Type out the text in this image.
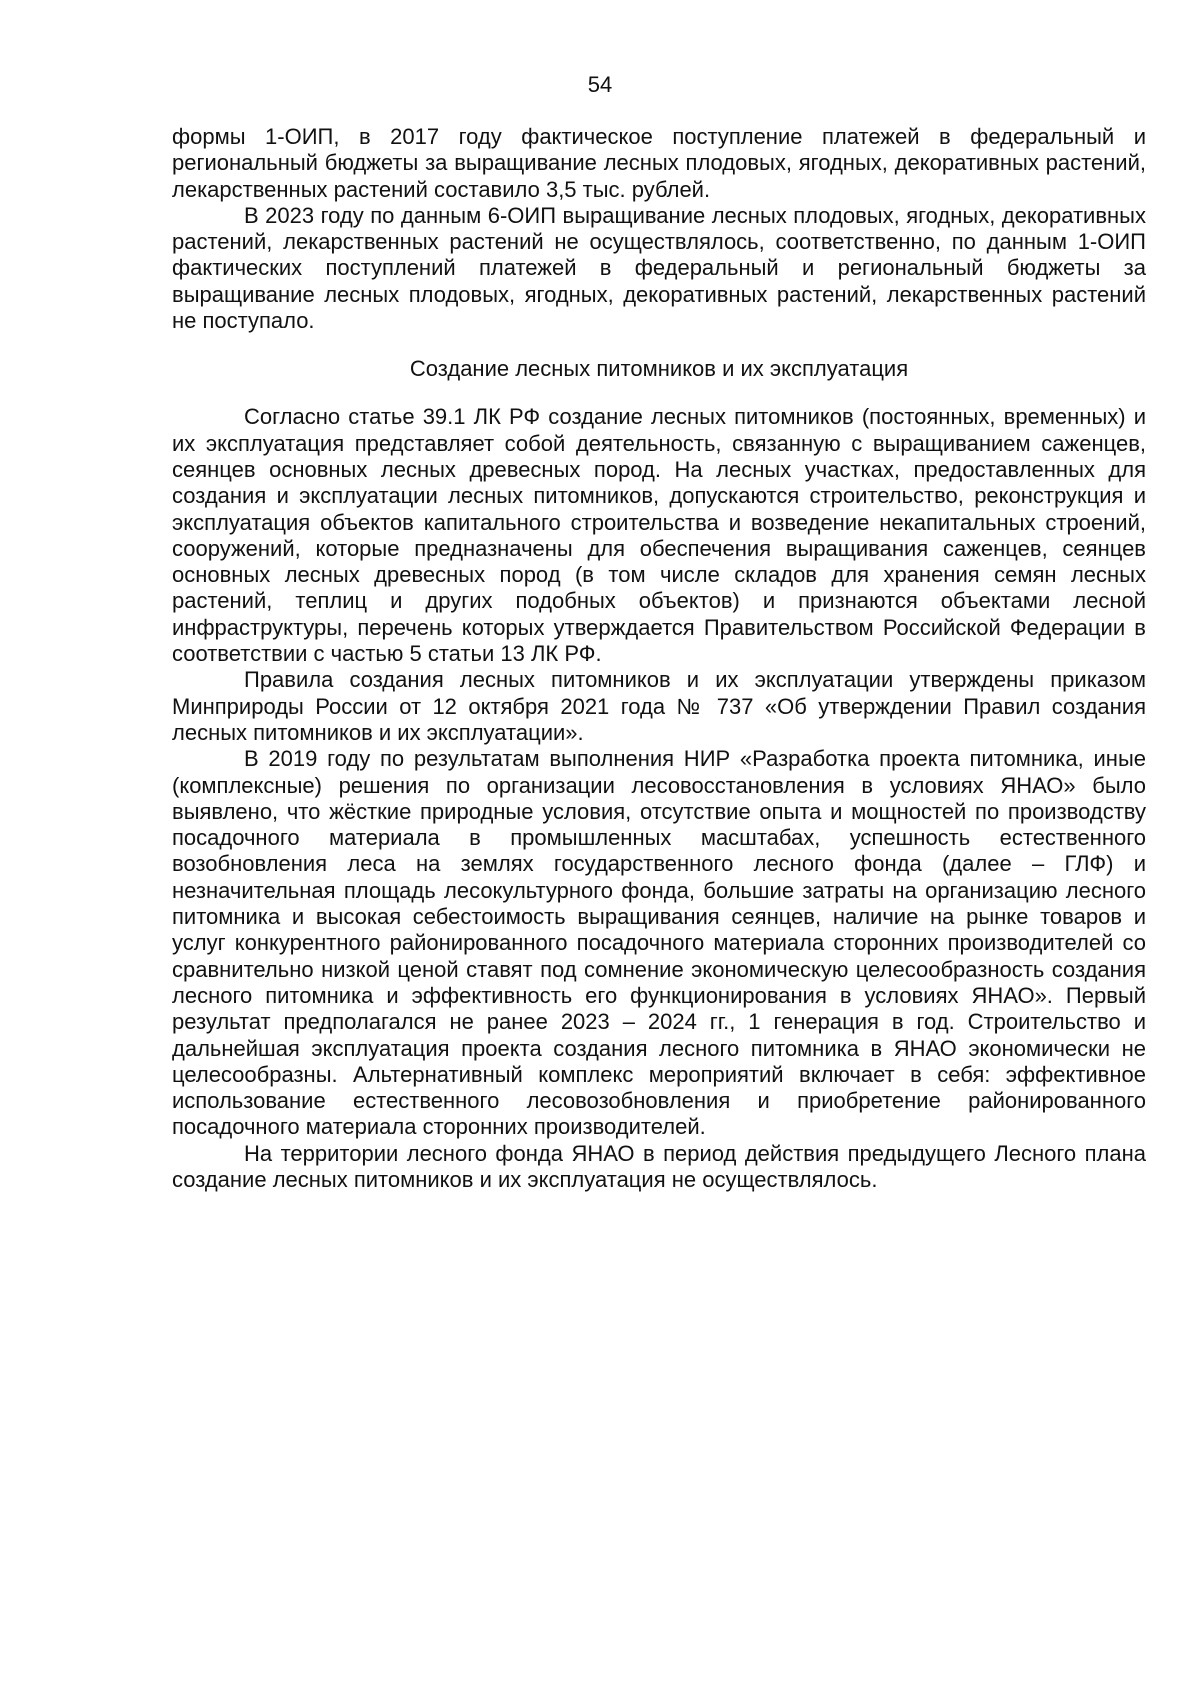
54

формы 1-ОИП, в 2017 году фактическое поступление платежей в федеральный и региональный бюджеты за выращивание лесных плодовых, ягодных, декоративных растений, лекарственных растений составило 3,5 тыс. рублей.

В 2023 году по данным 6-ОИП выращивание лесных плодовых, ягодных, декоративных растений, лекарственных растений не осуществлялось, соответственно, по данным 1-ОИП фактических поступлений платежей в федеральный и региональный бюджеты за выращивание лесных плодовых, ягодных, декоративных растений, лекарственных растений не поступало.

Создание лесных питомников и их эксплуатация

Согласно статье 39.1 ЛК РФ создание лесных питомников (постоянных, временных) и их эксплуатация представляет собой деятельность, связанную с выращиванием саженцев, сеянцев основных лесных древесных пород. На лесных участках, предоставленных для создания и эксплуатации лесных питомников, допускаются строительство, реконструкция и эксплуатация объектов капитального строительства и возведение некапитальных строений, сооружений, которые предназначены для обеспечения выращивания саженцев, сеянцев основных лесных древесных пород (в том числе складов для хранения семян лесных растений, теплиц и других подобных объектов) и признаются объектами лесной инфраструктуры, перечень которых утверждается Правительством Российской Федерации в соответствии с частью 5 статьи 13 ЛК РФ.

Правила создания лесных питомников и их эксплуатации утверждены приказом Минприроды России от 12 октября 2021 года № 737 «Об утверждении Правил создания лесных питомников и их эксплуатации».

В 2019 году по результатам выполнения НИР «Разработка проекта питомника, иные (комплексные) решения по организации лесовосстановления в условиях ЯНАО» было выявлено, что жёсткие природные условия, отсутствие опыта и мощностей по производству посадочного материала в промышленных масштабах, успешность естественного возобновления леса на землях государственного лесного фонда (далее – ГЛФ) и незначительная площадь лесокультурного фонда, большие затраты на организацию лесного питомника и высокая себестоимость выращивания сеянцев, наличие на рынке товаров и услуг конкурентного районированного посадочного материала сторонних производителей со сравнительно низкой ценой ставят под сомнение экономическую целесообразность создания лесного питомника и эффективность его функционирования в условиях ЯНАО». Первый результат предполагался не ранее 2023 – 2024 гг., 1 генерация в год. Строительство и дальнейшая эксплуатация проекта создания лесного питомника в ЯНАО экономически не целесообразны. Альтернативный комплекс мероприятий включает в себя: эффективное использование естественного лесовозобновления и приобретение районированного посадочного материала сторонних производителей.

На территории лесного фонда ЯНАО в период действия предыдущего Лесного плана создание лесных питомников и их эксплуатация не осуществлялось.
